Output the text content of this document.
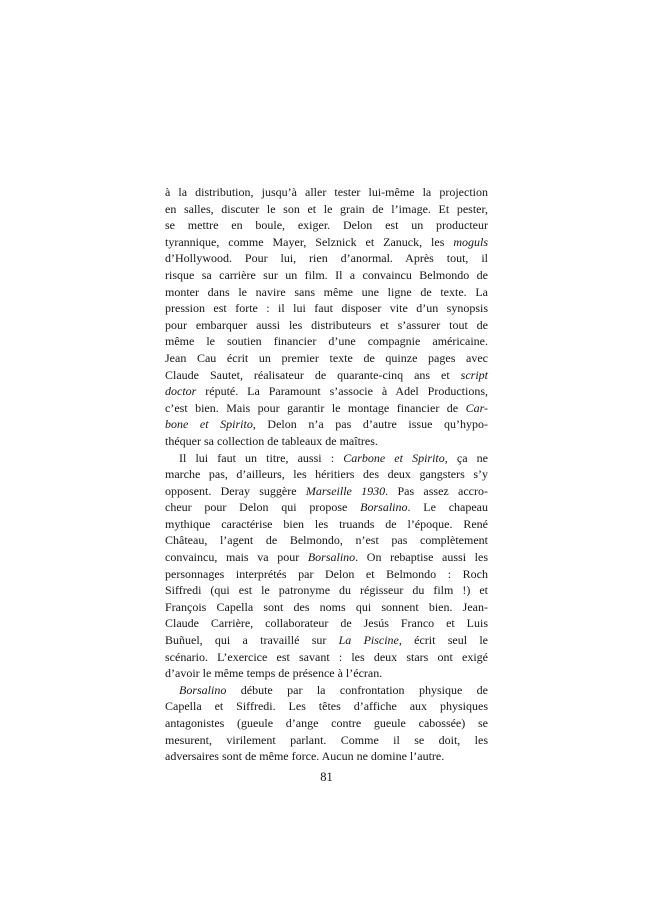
à la distribution, jusqu’à aller tester lui-même la projection
en salles, discuter le son et le grain de l’image. Et pester,
se mettre en boule, exiger. Delon est un producteur
tyrannique, comme Mayer, Selznick et Zanuck, les moguls
d’Hollywood. Pour lui, rien d’anormal. Après tout, il
risque sa carrière sur un film. Il a convaincu Belmondo de
monter dans le navire sans même une ligne de texte. La
pression est forte : il lui faut disposer vite d’un synopsis
pour embarquer aussi les distributeurs et s’assurer tout de
même le soutien financier d’une compagnie américaine.
Jean Cau écrit un premier texte de quinze pages avec
Claude Sautet, réalisateur de quarante-cinq ans et script
doctor réputé. La Paramount s’associe à Adel Productions,
c’est bien. Mais pour garantir le montage financier de Car-
bone et Spirito, Delon n’a pas d’autre issue qu’hypo-
théquer sa collection de tableaux de maîtres.
Il lui faut un titre, aussi : Carbone et Spirito, ça ne
marche pas, d’ailleurs, les héritiers des deux gangsters s’y
opposent. Deray suggère Marseille 1930. Pas assez accro-
cheur pour Delon qui propose Borsalino. Le chapeau
mythique caractérise bien les truands de l’époque. René
Château, l’agent de Belmondo, n’est pas complètement
convaincu, mais va pour Borsalino. On rebaptise aussi les
personnages interprétés par Delon et Belmondo : Roch
Siffredi (qui est le patronyme du régisseur du film !) et
François Capella sont des noms qui sonnent bien. Jean-
Claude Carrière, collaborateur de Jesús Franco et Luis
Buñuel, qui a travaillé sur La Piscine, écrit seul le
scénario. L’exercice est savant : les deux stars ont exigé
d’avoir le même temps de présence à l’écran.
Borsalino débute par la confrontation physique de
Capella et Siffredi. Les têtes d’affiche aux physiques
antagonistes (gueule d’ange contre gueule cabossée) se
mesurent, virilement parlant. Comme il se doit, les
adversaires sont de même force. Aucun ne domine l’autre.
81
